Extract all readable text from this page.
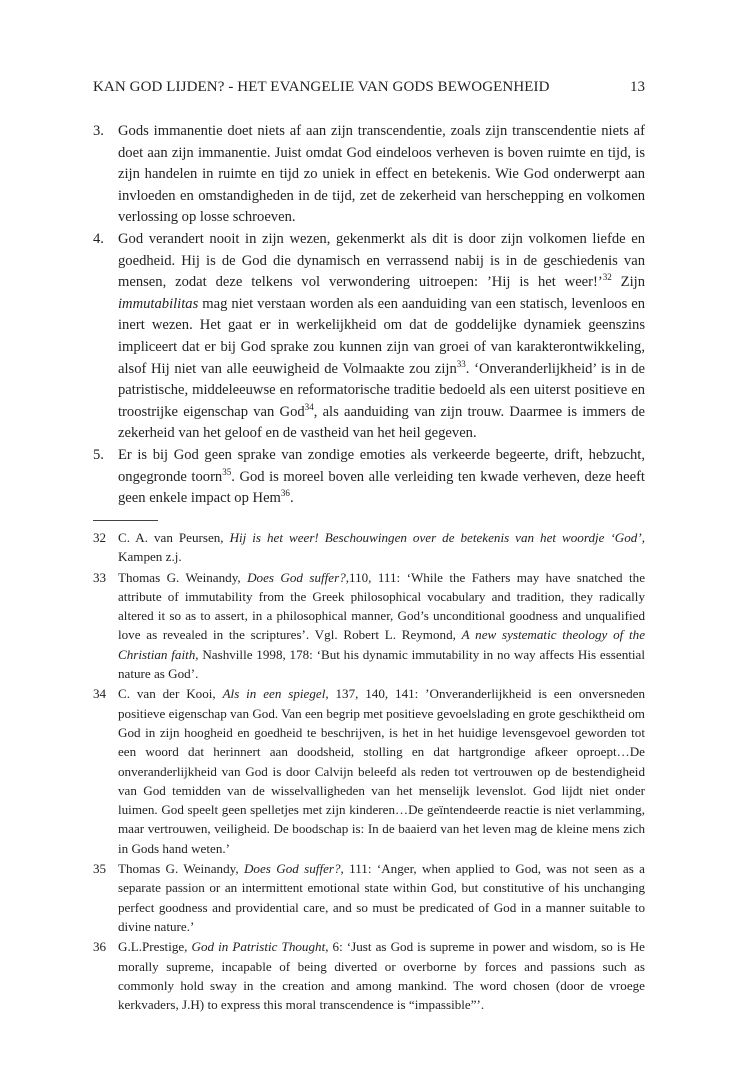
KAN GOD LIJDEN? - HET EVANGELIE VAN GODS BEWOGENHEID	13
3. Gods immanentie doet niets af aan zijn transcendentie, zoals zijn transcendentie niets af doet aan zijn immanentie. Juist omdat God eindeloos verheven is boven ruimte en tijd, is zijn handelen in ruimte en tijd zo uniek in effect en betekenis. Wie God onderwerpt aan invloeden en omstandigheden in de tijd, zet de zekerheid van herschepping en volkomen verlossing op losse schroeven.
4. God verandert nooit in zijn wezen, gekenmerkt als dit is door zijn volkomen liefde en goedheid. Hij is de God die dynamisch en verrassend nabij is in de geschiedenis van mensen, zodat deze telkens vol verwondering uitroepen: ’Hij is het weer!’$^{32}$ Zijn immutabilitas mag niet verstaan worden als een aanduiding van een statisch, levenloos en inert wezen. Het gaat er in werkelijkheid om dat de goddelijke dynamiek geenszins impliceert dat er bij God sprake zou kunnen zijn van groei of van karakterontwikkeling, alsof Hij niet van alle eeuwigheid de Volmaakte zou zijn$^{33}$. ‘Onveranderlijkheid’ is in de patristische, middeleeuwse en reformatorische traditie bedoeld als een uiterst positieve en troostrijke eigenschap van God$^{34}$, als aanduiding van zijn trouw. Daarmee is immers de zekerheid van het geloof en de vastheid van het heil gegeven.
5. Er is bij God geen sprake van zondige emoties als verkeerde begeerte, drift, hebzucht, ongegronde toorn$^{35}$. God is moreel boven alle verleiding ten kwade verheven, deze heeft geen enkele impact op Hem$^{36}$.
32 C. A. van Peursen, Hij is het weer! Beschouwingen over de betekenis van het woordje ‘God’, Kampen z.j.
33 Thomas G. Weinandy, Does God suffer?,110, 111: ‘While the Fathers may have snatched the attribute of immutability from the Greek philosophical vocabulary and tradition, they radically altered it so as to assert, in a philosophical manner, God’s unconditional goodness and unqualified love as revealed in the scriptures’. Vgl. Robert L. Reymond, A new systematic theology of the Christian faith, Nashville 1998, 178: ‘But his dynamic immutability in no way affects His essential nature as God’.
34 C. van der Kooi, Als in een spiegel, 137, 140, 141: ’Onveranderlijkheid is een onversneden positieve eigenschap van God. Van een begrip met positieve gevoelslading en grote geschiktheid om God in zijn hoogheid en goedheid te beschrijven, is het in het huidige levensgevoel geworden tot een woord dat herinnert aan doodsheid, stolling en dat hartgrondige afkeer oproept…De onveranderlijkheid van God is door Calvijn beleefd als reden tot vertrouwen op de bestendigheid van God temidden van de wisselvalligheden van het menselijk levenslot. God lijdt niet onder luimen. God speelt geen spelletjes met zijn kinderen…De geïntendeerde reactie is niet verlamming, maar vertrouwen, veiligheid. De boodschap is: In de baaierd van het leven mag de kleine mens zich in Gods hand weten.’
35 Thomas G. Weinandy, Does God suffer?, 111: ‘Anger, when applied to God, was not seen as a separate passion or an intermittent emotional state within God, but constitutive of his unchanging perfect goodness and providential care, and so must be predicated of God in a manner suitable to divine nature.’
36 G.L.Prestige, God in Patristic Thought, 6: ‘Just as God is supreme in power and wisdom, so is He morally supreme, incapable of being diverted or overborne by forces and passions such as commonly hold sway in the creation and among mankind. The word chosen (door de vroege kerkvaders, J.H) to express this moral transcendence is “impassible”’.
